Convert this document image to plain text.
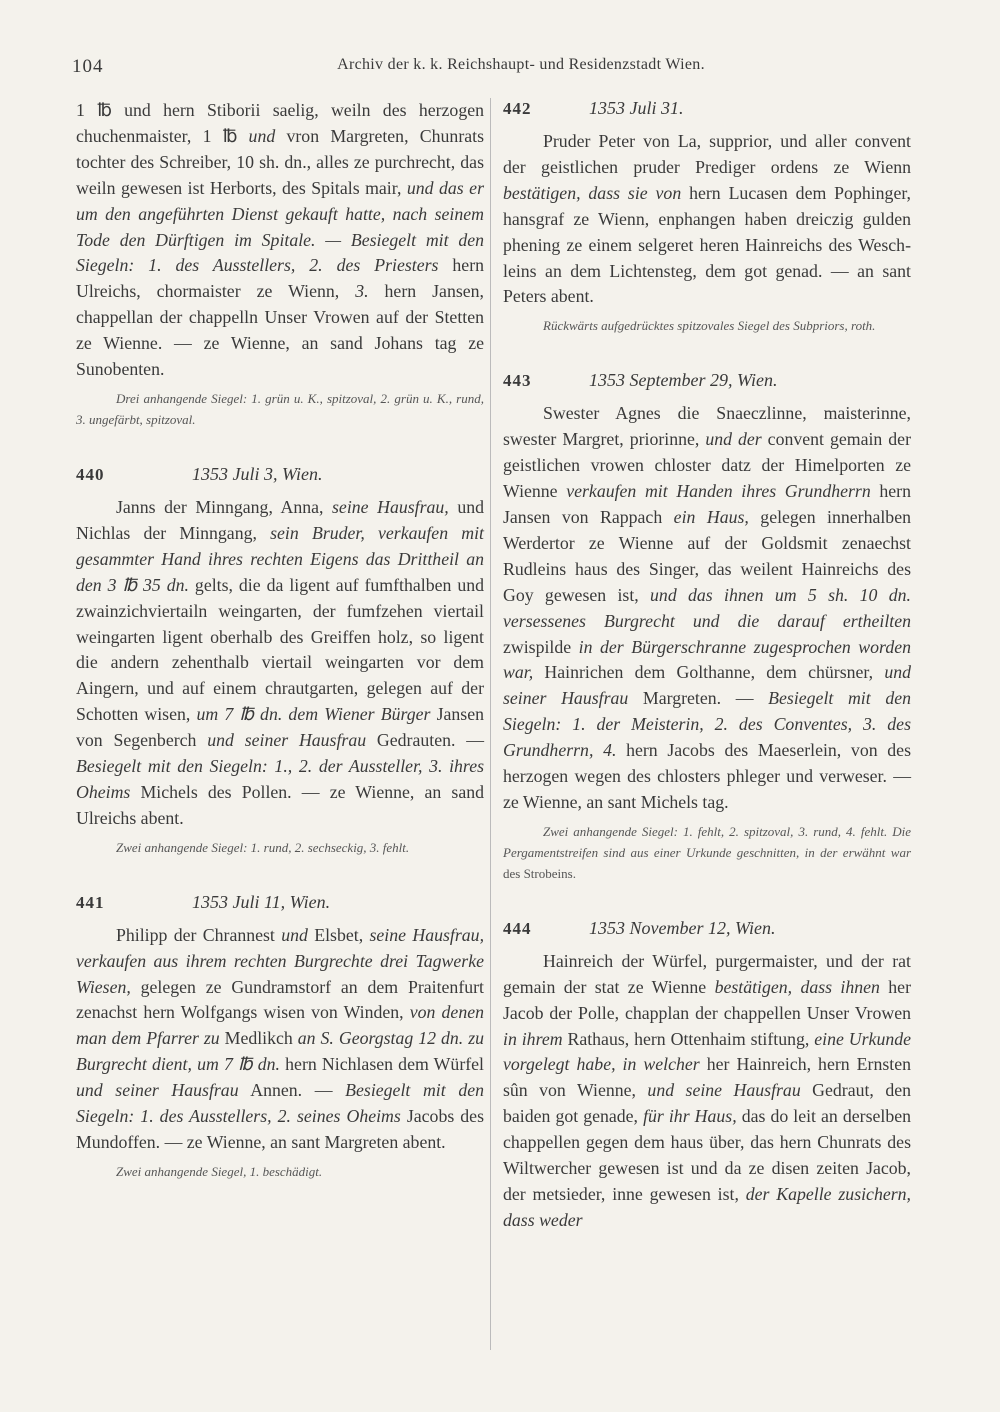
104	Archiv der k. k. Reichshaupt- und Residenzstadt Wien.

1 ℔ und hern Stiborii saelig, weiln des herzogen chuchenmaister, 1 ℔ und vron Margreten, Chunrats tochter des Schreiber, 10 sh. dn., alles ze purchrecht, das weiln gewesen ist Herborts, des Spitals mair, und das er um den angeführten Dienst gekauft hatte, nach seinem Tode den Dürftigen im Spitale. — Besiegelt mit den Siegeln: 1. des Ausstellers, 2. des Priesters hern Ulreichs, chormaister ze Wienn, 3. hern Jansen, chappellan der chappelln Unser Vrowen auf der Stetten ze Wienne. — ze Wienne, an sand Johans tag ze Sunobenten.

Drei anhangende Siegel: 1. grün u. K., spitzoval, 2. grün u. K., rund, 3. ungefärbt, spitzoval.

440	1353 Juli 3, Wien.

Janns der Minngang, Anna, seine Hausfrau, und Nichlas der Minngang, sein Bruder, verkaufen mit gesammter Hand ihres rechten Eigens das Drittheil an den 3 ℔ 35 dn. gelts, die da ligent auf fumfthalben und zwainzichviertailn weingarten, der fumfzehen viertail weingarten ligent oberhalb des Greiffen holz, so ligent die andern zehenthalb viertail weingarten vor dem Aingern, und auf einem chrautgarten, gelegen auf der Schotten wisen, um 7 ℔ dn. dem Wiener Bürger Jansen von Segenberch und seiner Hausfrau Gedrauten. — Besiegelt mit den Siegeln: 1., 2. der Aussteller, 3. ihres Oheims Michels des Pollen. — ze Wienne, an sand Ulreichs abent.

Zwei anhangende Siegel: 1. rund, 2. sechseckig, 3. fehlt.

441	1353 Juli 11, Wien.

Philipp der Chrannest und Elsbet, seine Hausfrau, verkaufen aus ihrem rechten Burgrechte drei Tagwerke Wiesen, gelegen ze Gundramstorf an dem Praitenfurt zenachst hern Wolfgangs wisen von Winden, von denen man dem Pfarrer zu Medlikch an S. Georgstag 12 dn. zu Burgrecht dient, um 7 ℔ dn. hern Nichlasen dem Würfel und seiner Hausfrau Annen. — Besiegelt mit den Siegeln: 1. des Ausstellers, 2. seines Oheims Jacobs des Mundoffen. — ze Wienne, an sant Margreten abent.

Zwei anhangende Siegel, 1. beschädigt.

442	1353 Juli 31.

Pruder Peter von La, supprior, und aller convent der geistlichen pruder Prediger ordens ze Wienn bestätigen, dass sie von hern Lucasen dem Pophinger, hansgraf ze Wienn, enphangen haben dreiczig gulden phening ze einem selgeret heren Hainreichs des Weschleins an dem Lichtensteg, dem got genad. — an sant Peters abent.

Rückwärts aufgedrücktes spitzovales Siegel des Subpriors, roth.

443	1353 September 29, Wien.

Swester Agnes die Snaeczlinne, maisterinne, swester Margret, priorinne, und der convent gemain der geistlichen vrowen chloster datz der Himelporten ze Wienne verkaufen mit Handen ihres Grundherrn hern Jansen von Rappach ein Haus, gelegen innerhalben Werdertor ze Wienne auf der Goldsmit zenaechst Rudleins haus des Singer, das weilent Hainreichs des Goy gewesen ist, und das ihnen um 5 sh. 10 dn. versessenes Burgrecht und die darauf ertheilten zwispilde in der Bürgerschranne zugesprochen worden war, Hainrichen dem Golthanne, dem chürsner, und seiner Hausfrau Margreten. — Besiegelt mit den Siegeln: 1. der Meisterin, 2. des Conventes, 3. des Grundherrn, 4. hern Jacobs des Maeserlein, von des herzogen wegen des chlosters phleger und verweser. — ze Wienne, an sant Michels tag.

Zwei anhangende Siegel: 1. fehlt, 2. spitzoval, 3. rund, 4. fehlt. Die Pergamentstreifen sind aus einer Urkunde geschnitten, in der erwähnt war des Strobeins.

444	1353 November 12, Wien.

Hainreich der Würfel, purgermaister, und der rat gemain der stat ze Wienne bestätigen, dass ihnen her Jacob der Polle, chapplan der chappellen Unser Vrowen in ihrem Rathaus, hern Ottenhaim stiftung, eine Urkunde vorgelegt habe, in welcher her Hainreich, hern Ernsten sûn von Wienne, und seine Hausfrau Gedraut, den baiden got genade, für ihr Haus, das do leit an derselben chappellen gegen dem haus über, das hern Chunrats des Wiltwercher gewesen ist und da ze disen zeiten Jacob, der metsieder, inne gewesen ist, der Kapelle zusichern, dass weder
